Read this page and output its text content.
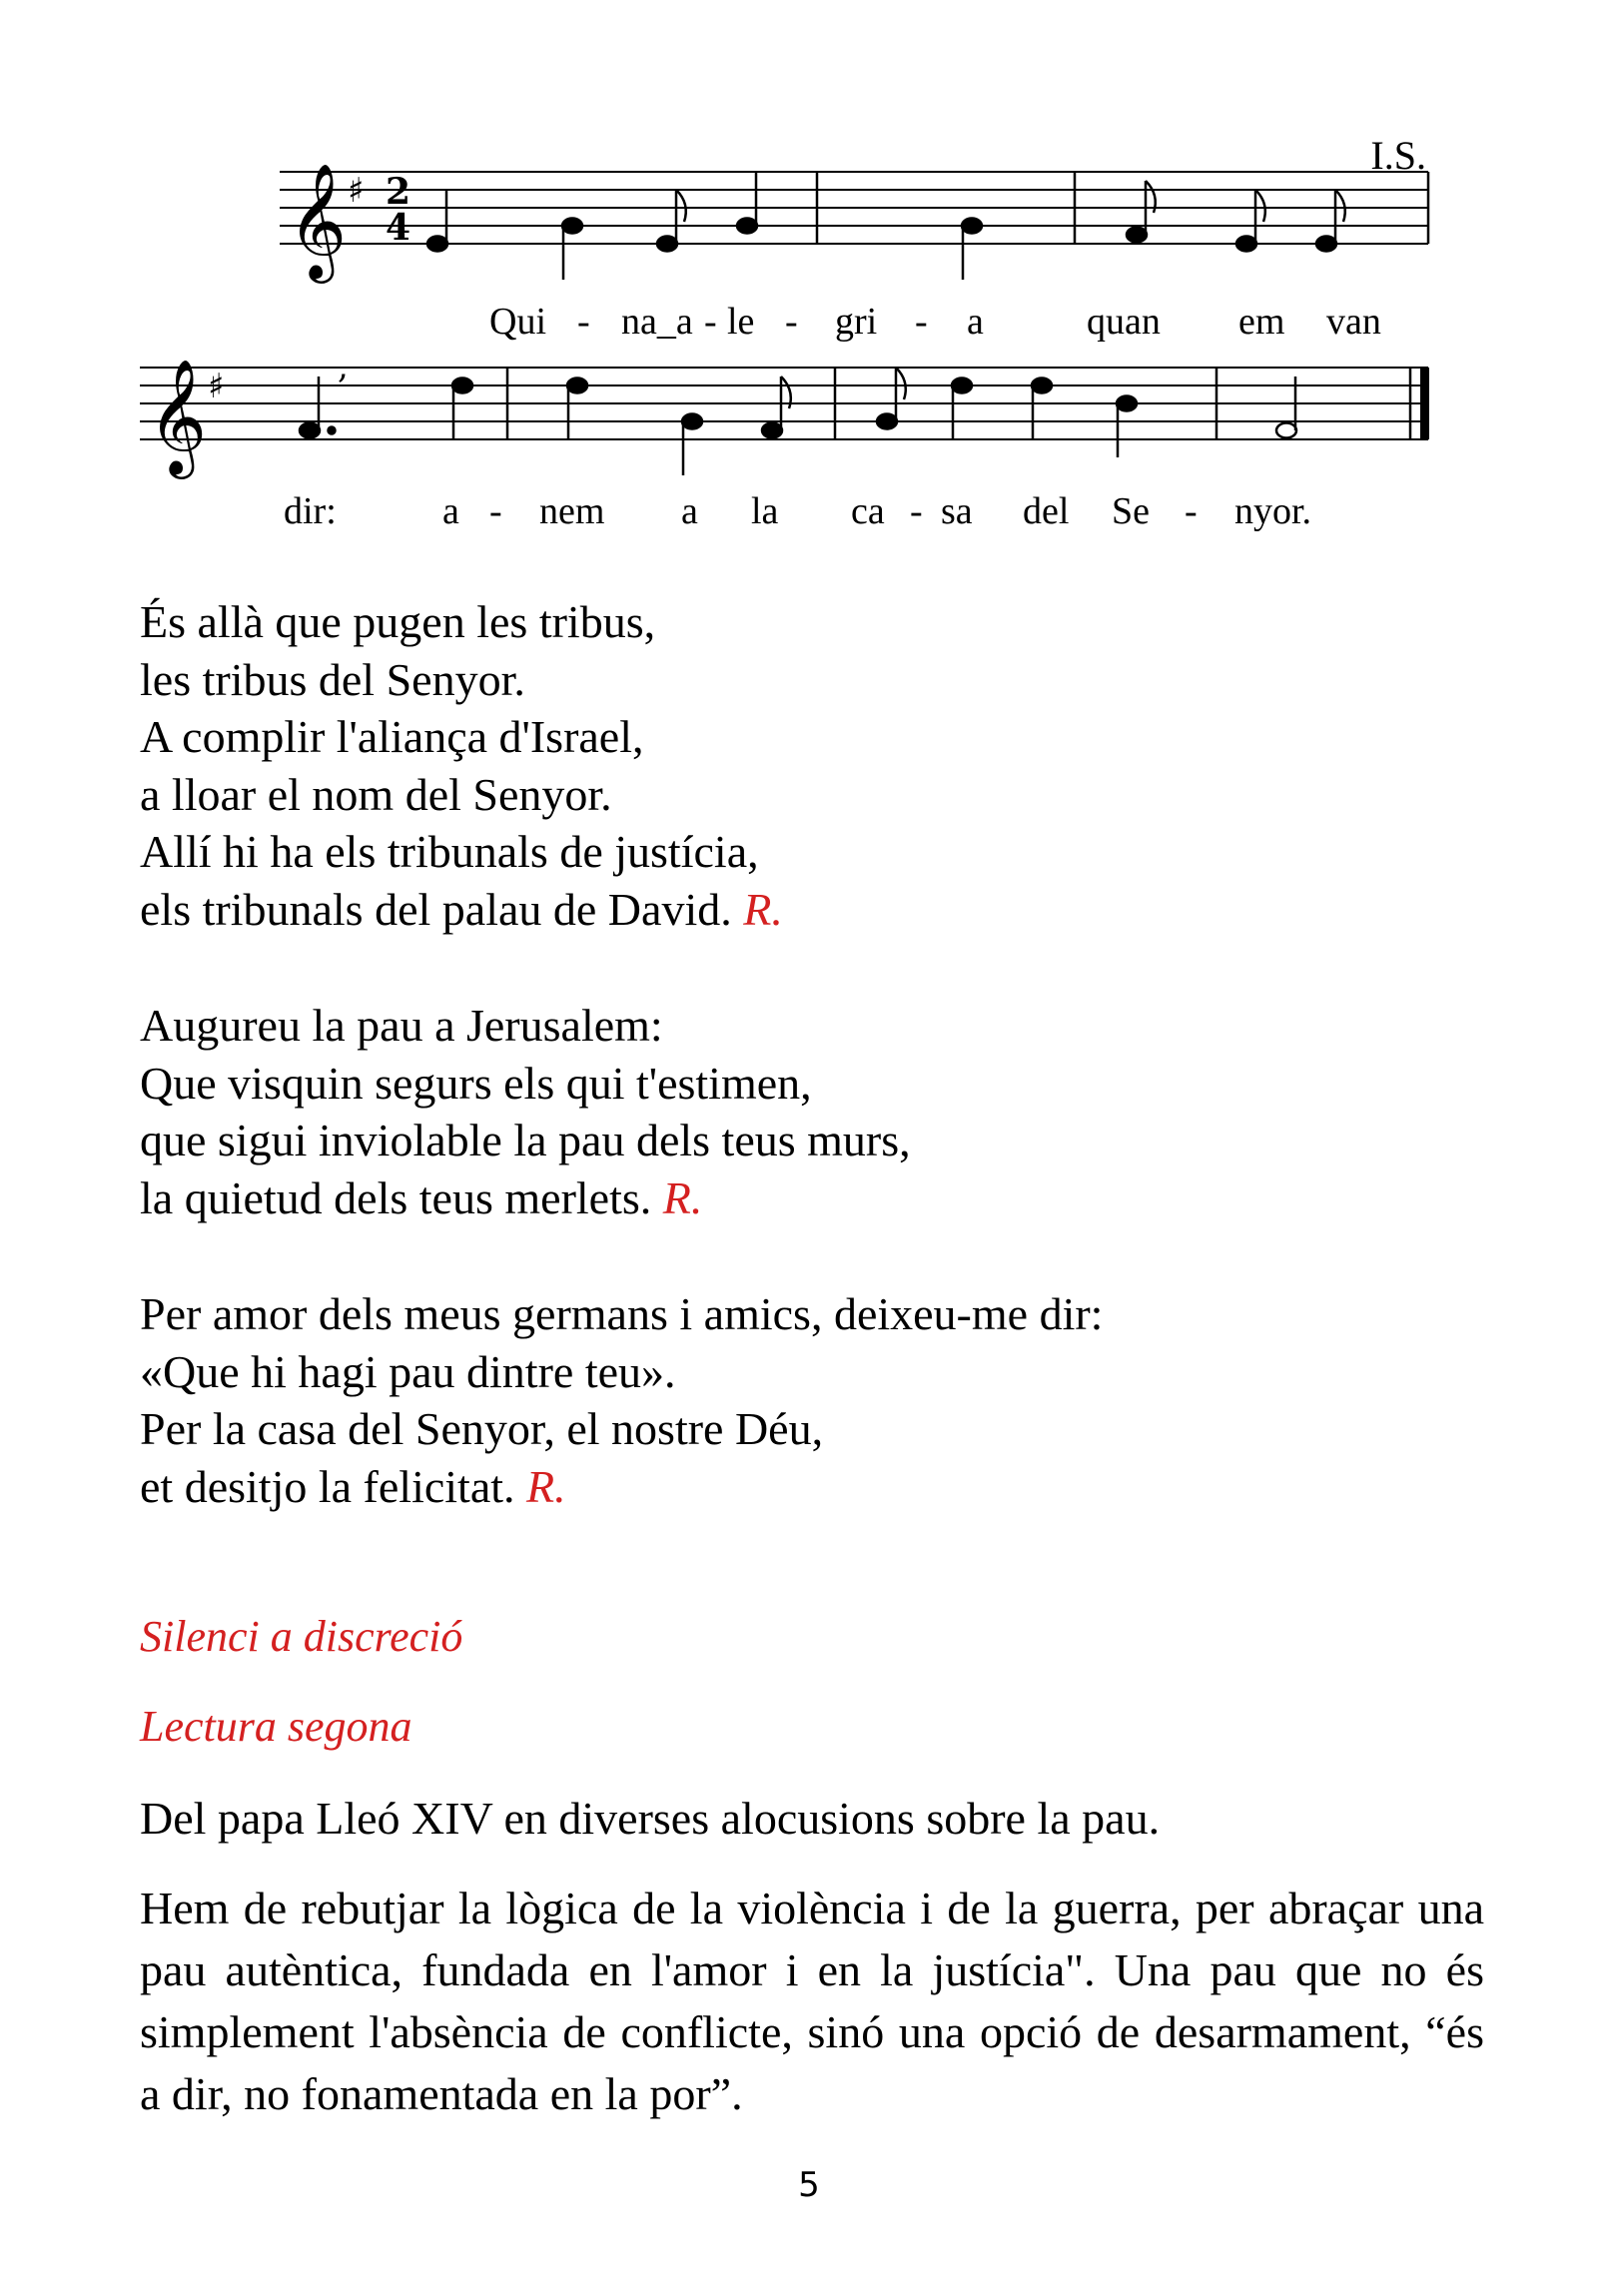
𝄞 ♯ 2
4
𝄞 ♯	,
I.S.
Qui - na_a - le - gri - a	quan em van
dir:	a - nem a la ca - sa del Se - nyor.
És allà que pugen les tribus,
les tribus del Senyor.
A complir l'aliança d'Israel,
a lloar el nom del Senyor.
Allí hi ha els tribunals de justícia,
els tribunals del palau de David. R.
Augureu la pau a Jerusalem:
Que visquin segurs els qui t'estimen,
que sigui inviolable la pau dels teus murs,
la quietud dels teus merlets. R.
Per amor dels meus germans i amics, deixeu-me dir:
«Que hi hagi pau dintre teu».
Per la casa del Senyor, el nostre Déu,
et desitjo la felicitat. R.
Silenci a discreció
Lectura segona
Del papa Lleó XIV en diverses alocusions sobre la pau.
Hem de rebutjar la lògica de la violència i de la guerra, per abraçar una pau autèntica, fundada en l'amor i en la justícia". Una pau que no és simplement l'absència de conflicte, sinó una opció de desarmament, “és a dir, no fonamentada en la por”.
5
